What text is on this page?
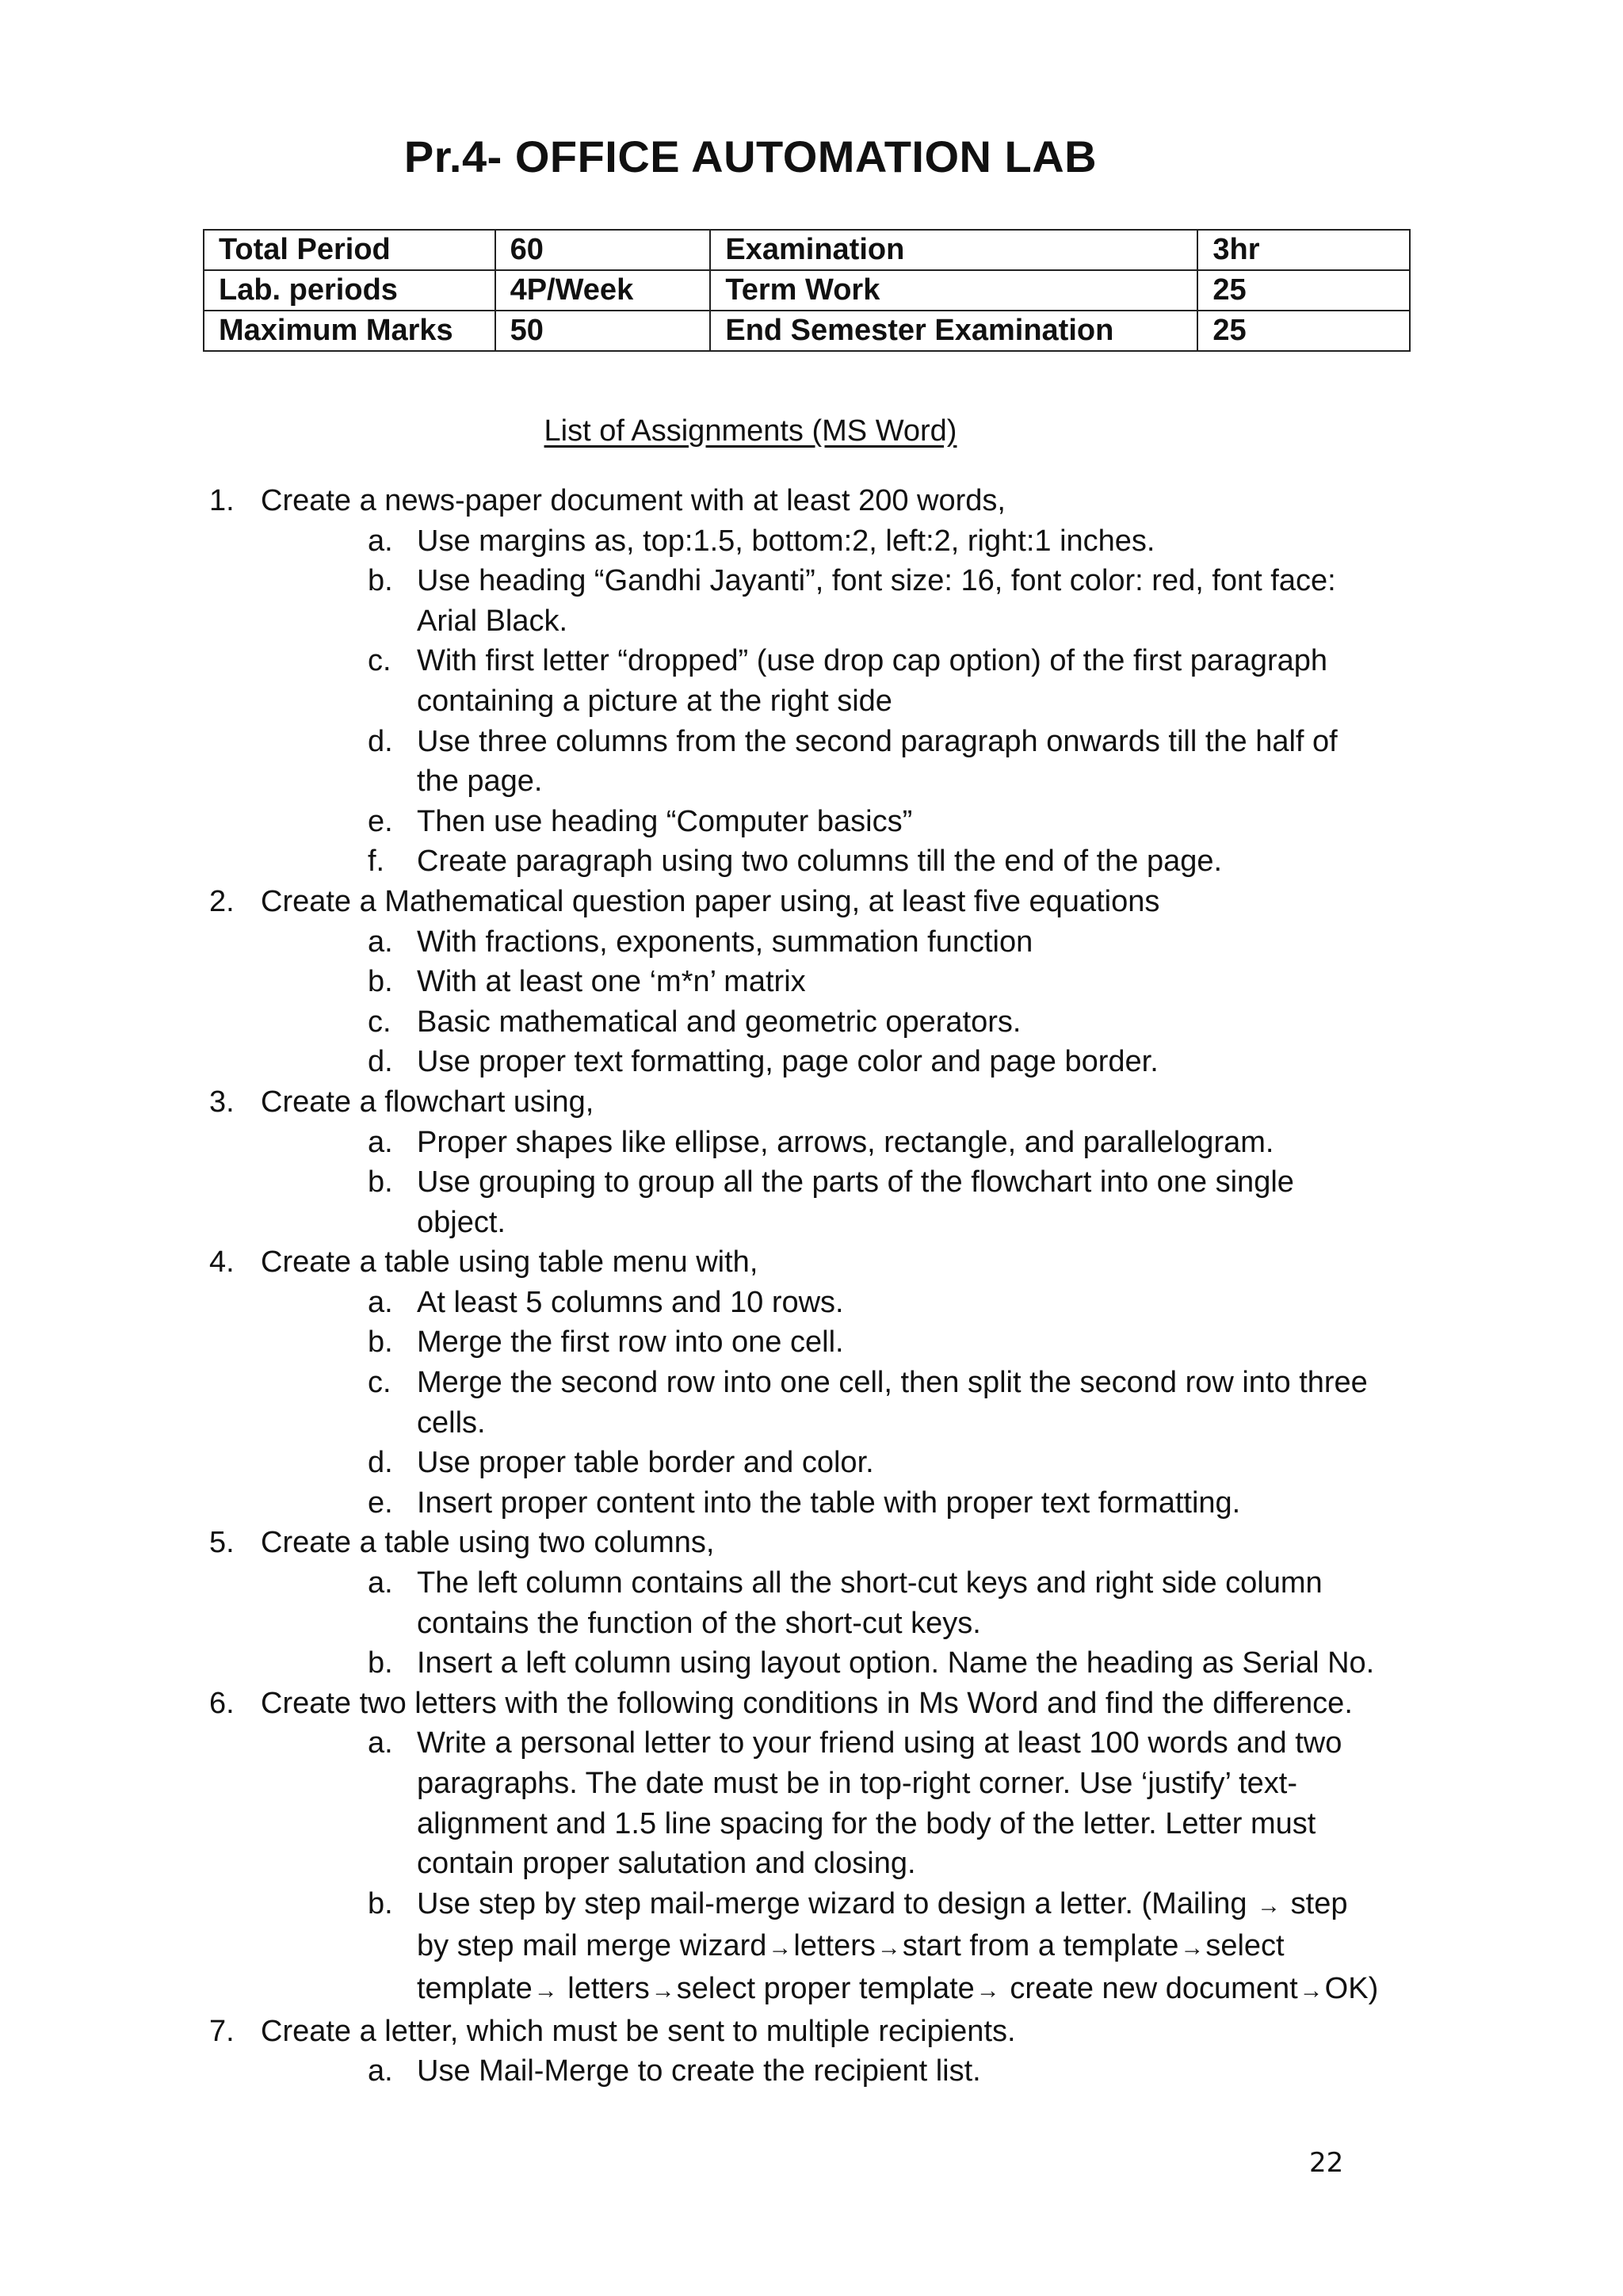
Pr.4- OFFICE AUTOMATION LAB
Total Period	60	Examination	3hr
Lab. periods	4P/Week	Term Work	25
Maximum Marks	50	End Semester Examination	25
List of Assignments (MS Word)
1. Create a news-paper document with at least 200 words,
a. Use margins as, top:1.5, bottom:2, left:2, right:1 inches.
b. Use heading “Gandhi Jayanti”, font size: 16, font color: red, font face: Arial Black.
c. With first letter “dropped” (use drop cap option) of the first paragraph containing a picture at the right side
d. Use three columns from the second paragraph onwards till the half of the page.
e. Then use heading “Computer basics”
f. Create paragraph using two columns till the end of the page.
2. Create a Mathematical question paper using, at least five equations
a. With fractions, exponents, summation function
b. With at least one ‘m*n’ matrix
c. Basic mathematical and geometric operators.
d. Use proper text formatting, page color and page border.
3. Create a flowchart using,
a. Proper shapes like ellipse, arrows, rectangle, and parallelogram.
b. Use grouping to group all the parts of the flowchart into one single object.
4. Create a table using table menu with,
a. At least 5 columns and 10 rows.
b. Merge the first row into one cell.
c. Merge the second row into one cell, then split the second row into three cells.
d. Use proper table border and color.
e. Insert proper content into the table with proper text formatting.
5. Create a table using two columns,
a. The left column contains all the short-cut keys and right side column contains the function of the short-cut keys.
b. Insert a left column using layout option. Name the heading as Serial No.
6. Create two letters with the following conditions in Ms Word and find the difference.
a. Write a personal letter to your friend using at least 100 words and two paragraphs. The date must be in top-right corner. Use ‘justify’ text-alignment and 1.5 line spacing for the body of the letter. Letter must contain proper salutation and closing.
b. Use step by step mail-merge wizard to design a letter. (Mailing → step by step mail merge wizard→letters→start from a template→select template→ letters→select proper template→ create new document→OK)
7. Create a letter, which must be sent to multiple recipients.
a. Use Mail-Merge to create the recipient list.
22
